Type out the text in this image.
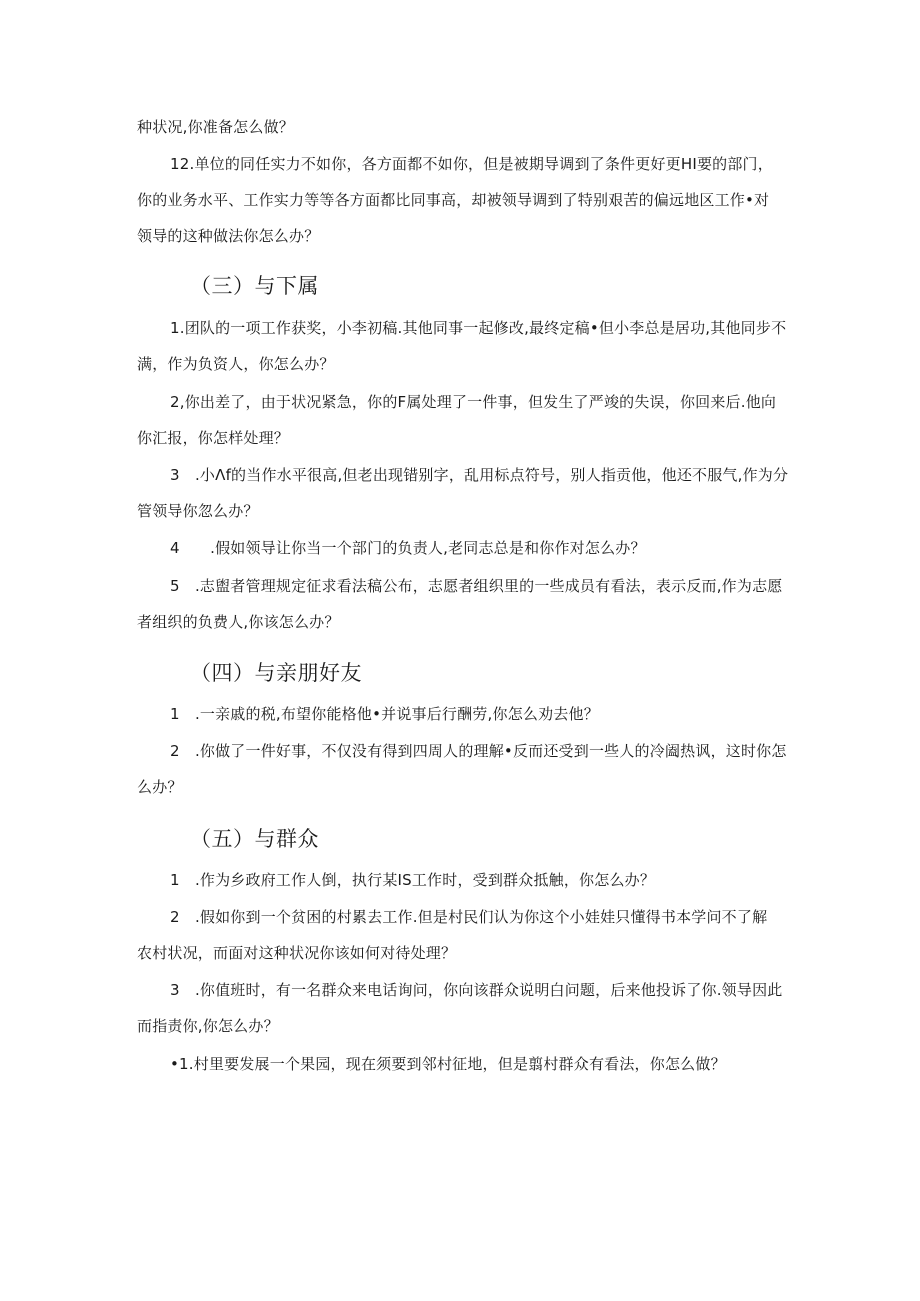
种状况,你准备怎么做？
12.单位的同任实力不如你，各方面都不如你，但是被期导调到了条件更好更HI要的部门，
你的业务水平、工作实力等等各方面都比同事高，却被领导调到了特别艰苦的偏远地区工作•对
领导的这种做法你怎么办？
（三）与下属
1.团队的一项工作获奖，小李初稿.其他同事一起修改,最终定稿•但小李总是居功,其他同步不
满，作为负资人，你怎么办？
2,你出差了，由于状况紧急，你的F属处理了一件事，但发生了严竣的失误，你回来后.他向
你汇报，你怎样处理？
3　.小Λf的当作水平很高,但老出现错别字，乱用标点符号，别人指贡他，他还不服气,作为分
管领导你忽么办？
4　　.假如领导让你当一个部门的负责人,老同志总是和你作对怎么办？
5　.志盥者管理规定征求看法稿公布，志愿者组织里的一些成员有看法，表示反而,作为志愿
者组织的负费人,你该怎么办？
（四）与亲朋好友
1　.一亲戚的税,布望你能格他•并说事后行酬劳,你怎么劝去他？
2　.你做了一件好事，不仅没有得到四周人的理解•反而还受到一些人的冷阖热讽，这时你怎
么办？
（五）与群众
1　.作为乡政府工作人倒，执行某IS工作时，受到群众抵触，你怎么办？
2　.假如你到一个贫困的村累去工作.但是村民们认为你这个小娃娃只懂得书本学问不了解
农村状况，而面对这种状况你该如何对待处理？
3　.你值班时，有一名群众来电话询问，你向该群众说明白问题，后来他投诉了你.领导因此
而指责你,你怎么办？
•1.村里要发展一个果园，现在须要到邻村征地，但是翦村群众有看法，你怎么做？
